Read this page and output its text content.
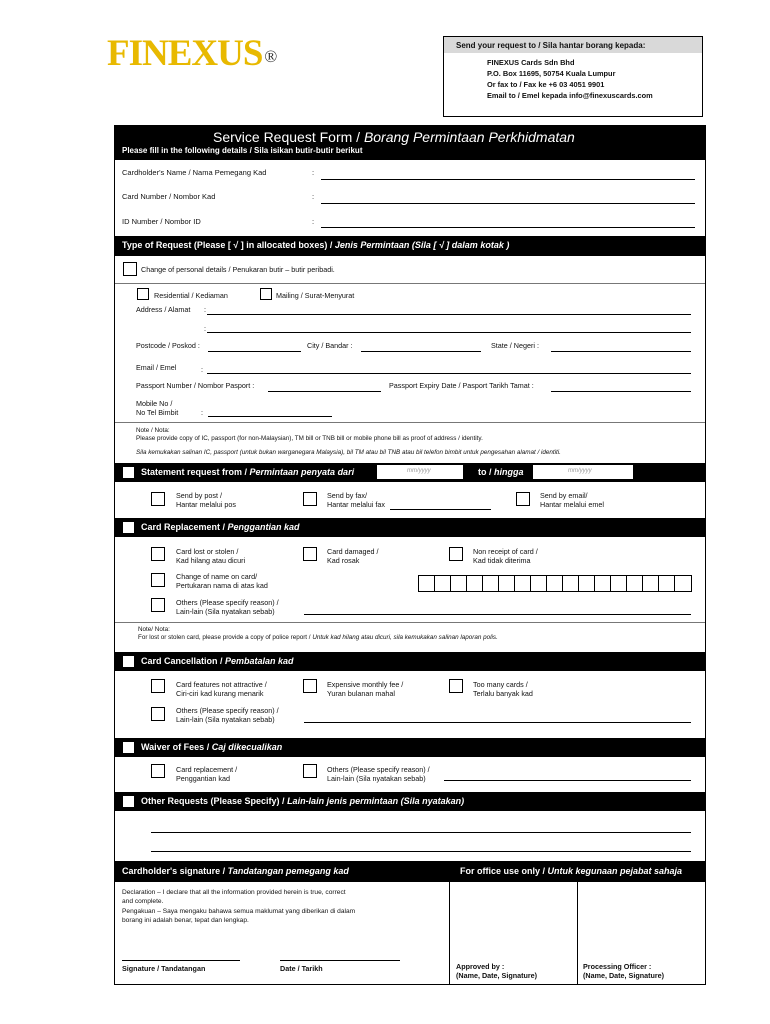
FINEXUS ®
Send your request to / Sila hantar borang kepada:
FINEXUS Cards Sdn Bhd
P.O. Box 11695, 50754 Kuala Lumpur
Or fax to / Fax ke +6 03 4051 9901
Email to / Emel kepada info@finexuscards.com
Service Request Form / Borang Permintaan Perkhidmatan
Please fill in the following details / Sila isikan butir-butir berikut
Cardholder's Name / Nama Pemegang Kad	:
Card Number / Nombor Kad	:
ID Number / Nombor ID	:
Type of Request (Please [ √ ] in allocated boxes) / Jenis Permintaan (Sila [ √ ] dalam kotak )
Change of personal details / Penukaran butir – butir peribadi.
Residential / Kediaman	Mailing / Surat-Menyurat
Address / Alamat :
:
Postcode / Poskod :	City / Bandar :	State / Negeri :
Email / Emel	:
Passport Number / Nombor Pasport :	Passport Expiry Date / Pasport Tarikh Tamat :
Mobile No /
No Tel Bimbit	:
Note / Nota:
Please provide copy of IC, passport (for non-Malaysian), TM bill or TNB bill or mobile phone bill as proof of address / identity.
Sila kemukakan salinan IC, passport (untuk bukan warganegara Malaysia), bil TM atau bil TNB atau bil telefon bimbit untuk pengesahan alamat / identiti.
Statement request from / Permintaan penyata dari	mm/yyyy	to / hingga	mm/yyyy
Send by post /
Hantar melalui pos
Send by fax/
Hantar melalui fax
Send by email/
Hantar melalui emel
Card Replacement / Penggantian kad
Card lost or stolen /
Kad hilang atau dicuri
Card damaged /
Kad rosak
Non receipt of card /
Kad tidak diterima
Change of name on card/
Pertukaran nama di atas kad
Others (Please specify reason) /
Lain-lain (Sila nyatakan sebab)
Note/ Nota:
For lost or stolen card, please provide a copy of police report / Untuk kad hilang atau dicuri, sila kemukakan salinan laporan polis.
Card Cancellation / Pembatalan kad
Card features not attractive /
Ciri-ciri kad kurang menarik
Expensive monthly fee /
Yuran bulanan mahal
Too many cards /
Terlalu banyak kad
Others (Please specify reason) /
Lain-lain (Sila nyatakan sebab)
Waiver of Fees / Caj dikecualikan
Card replacement /
Penggantian kad
Others (Please specify reason) /
Lain-lain (Sila nyatakan sebab)
Other Requests (Please Specify) / Lain-lain jenis permintaan (Sila nyatakan)
Cardholder's signature / Tandatangan pemegang kad	For office use only / Untuk kegunaan pejabat sahaja
Declaration – I declare that all the information provided herein is true, correct
and complete.
Pengakuan – Saya mengaku bahawa semua maklumat yang diberikan di dalam
borang ini adalah benar, tepat dan lengkap.
Signature / Tandatangan	Date / Tarikh	Approved by :
(Name, Date, Signature)
Processing Officer :
(Name, Date, Signature)
